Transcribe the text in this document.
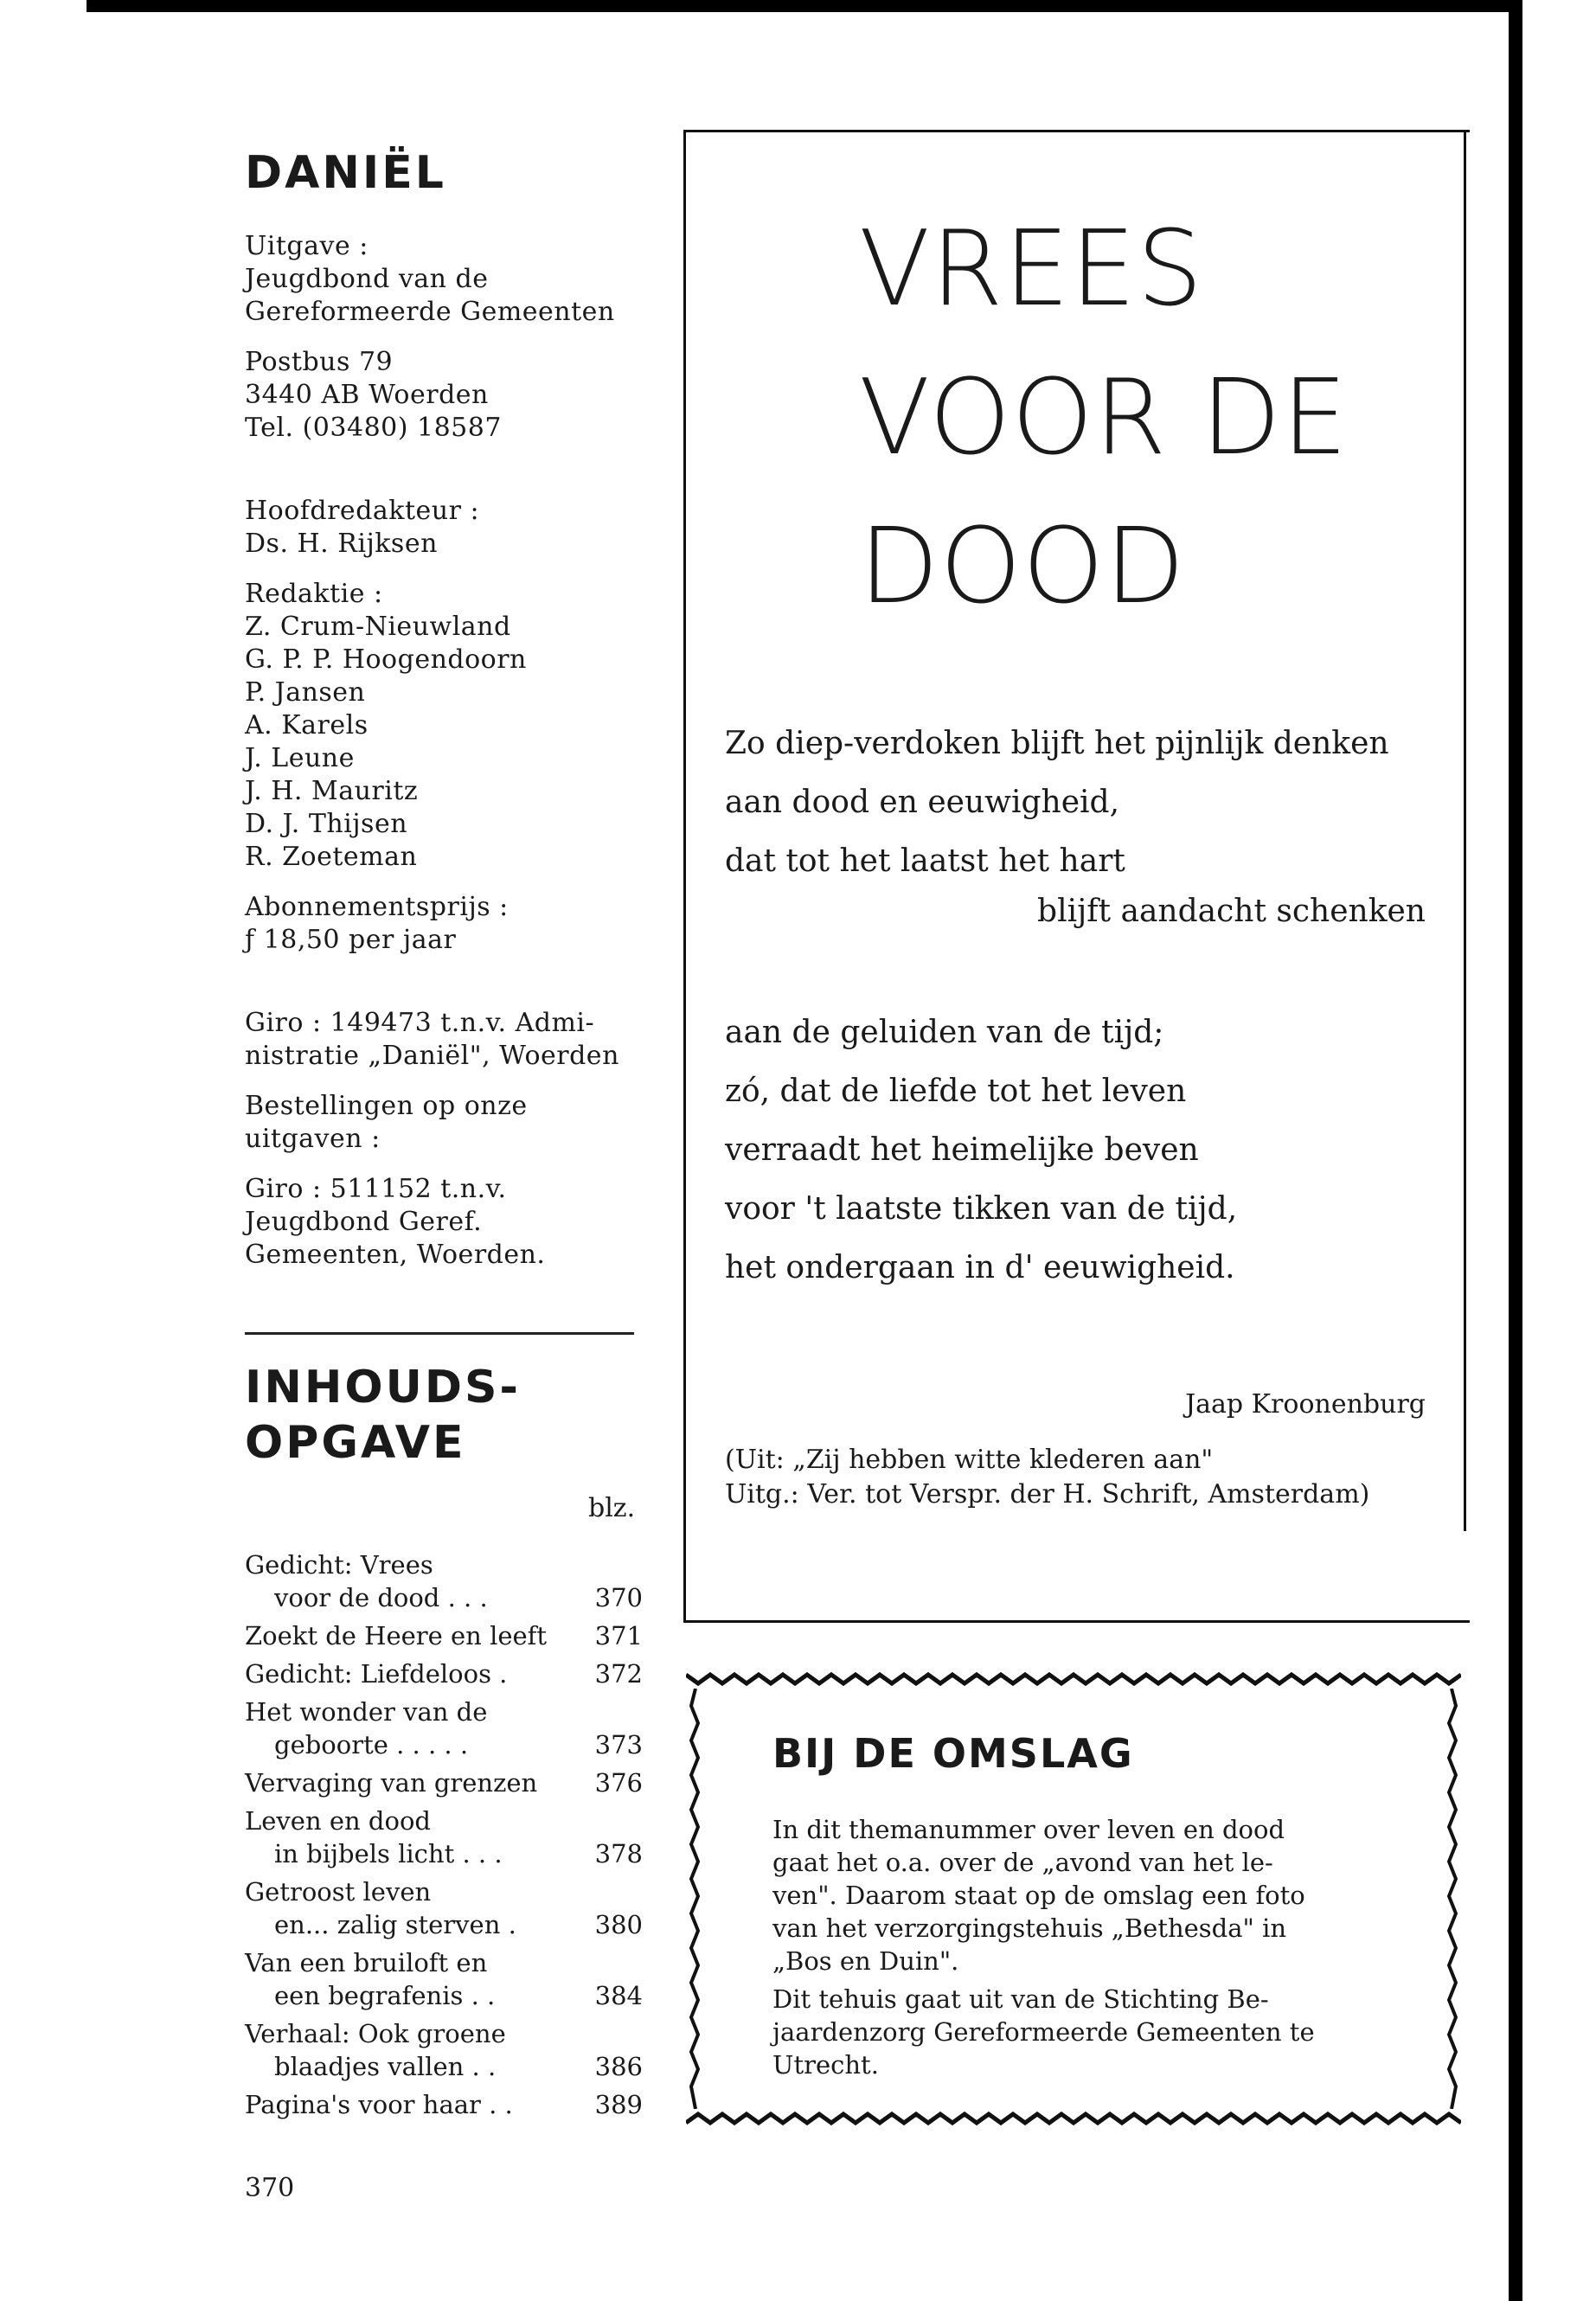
DANIËL

Uitgave :

Jeugdbond van de

Gereformeerde Gemeenten

Postbus 79

3440 AB Woerden

Tel. (03480) 18587

Hoofdredakteur :

Ds. H. Rijksen

Redaktie :

Z. Crum-Nieuwland

G. P. P. Hoogendoorn

P. Jansen

A. Karels

J. Leune

J. H. Mauritz

D. J. Thijsen

R. Zoeteman

Abonnementsprijs :

ƒ 18,50 per jaar

Giro : 149473 t.n.v. Admi-

nistratie „Daniël", Woerden

Bestellingen op onze

uitgaven :

Giro : 511152 t.n.v.

Jeugdbond Geref.

Gemeenten, Woerden.

INHOUDS-
OPGAVE
blz.
Gedicht: Vrees
voor de dood . . .	370
Zoekt de Heere en leeft 371
Gedicht: Liefdeloos .	372
Het wonder van de
geboorte . . . . .	373
Vervaging van grenzen 376
Leven en dood
in bijbels licht . . .	378
Getroost leven
en... zalig sterven .	380
Van een bruiloft en
een begrafenis . .	384
Verhaal: Ook groene
blaadjes vallen . .	386
Pagina's voor haar . .	389
370
VREES
VOOR DE
DOOD

Zo diep-verdoken blijft het pijnlijk denken

aan dood en eeuwigheid,

dat tot het laatst het hart

blijft aandacht schenken

aan de geluiden van de tijd;

zó, dat de liefde tot het leven

verraadt het heimelijke beven

voor 't laatste tikken van de tijd,

het ondergaan in d' eeuwigheid.

Jaap Kroonenburg

(Uit: „Zij hebben witte klederen aan"

Uitg.: Ver. tot Verspr. der H. Schrift, Amsterdam)

BIJ DE OMSLAG

In dit themanummer over leven en dood
gaat het o.a. over de „avond van het le-
ven". Daarom staat op de omslag een foto
van het verzorgingstehuis „Bethesda" in
„Bos en Duin".

Dit tehuis gaat uit van de Stichting Be-
jaardenzorg Gereformeerde Gemeenten te
Utrecht.
